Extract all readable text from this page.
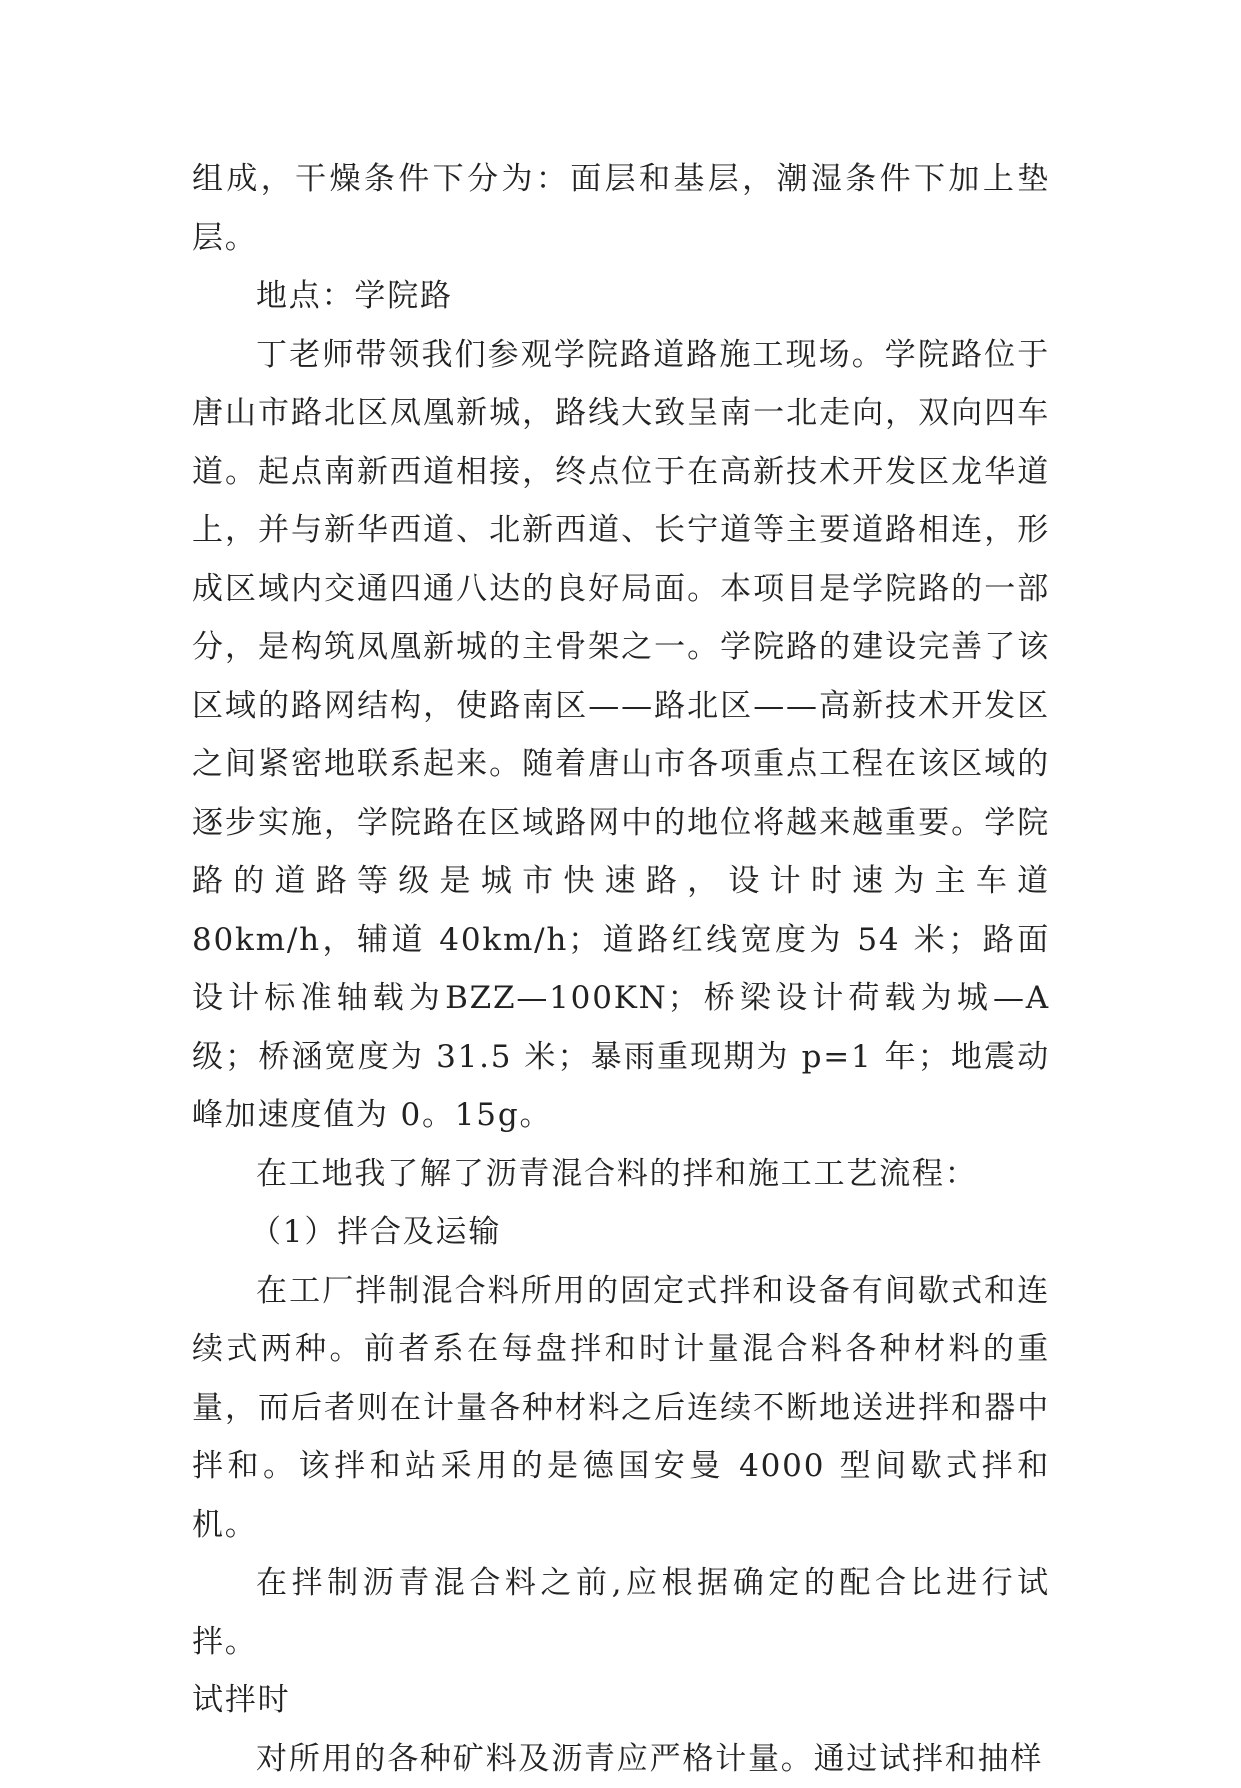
组成，干燥条件下分为：面层和基层，潮湿条件下加上垫层。

地点：学院路

丁老师带领我们参观学院路道路施工现场。学院路位于唐山市路北区凤凰新城，路线大致呈南一北走向，双向四车道。起点南新西道相接，终点位于在高新技术开发区龙华道上，并与新华西道、北新西道、长宁道等主要道路相连，形成区域内交通四通八达的良好局面。本项目是学院路的一部分，是构筑凤凰新城的主骨架之一。学院路的建设完善了该区域的路网结构，使路南区——路北区——高新技术开发区之间紧密地联系起来。随着唐山市各项重点工程在该区域的逐步实施，学院路在区域路网中的地位将越来越重要。学院路的道路等级是城市快速路，设计时速为主车道 80km/h，辅道 40km/h；道路红线宽度为 54 米；路面设计标准轴载为BZZ—100KN；桥梁设计荷载为城—A 级；桥涵宽度为 31.5 米；暴雨重现期为 p=1 年；地震动峰加速度值为 0。15g。

在工地我了解了沥青混合料的拌和施工工艺流程：

（1）拌合及运输

在工厂拌制混合料所用的固定式拌和设备有间歇式和连续式两种。前者系在每盘拌和时计量混合料各种材料的重量，而后者则在计量各种材料之后连续不断地送进拌和器中拌和。该拌和站采用的是德国安曼 4000 型间歇式拌和机。

在拌制沥青混合料之前,应根据确定的配合比进行试拌。

试拌时

对所用的各种矿料及沥青应严格计量。通过试拌和抽样
